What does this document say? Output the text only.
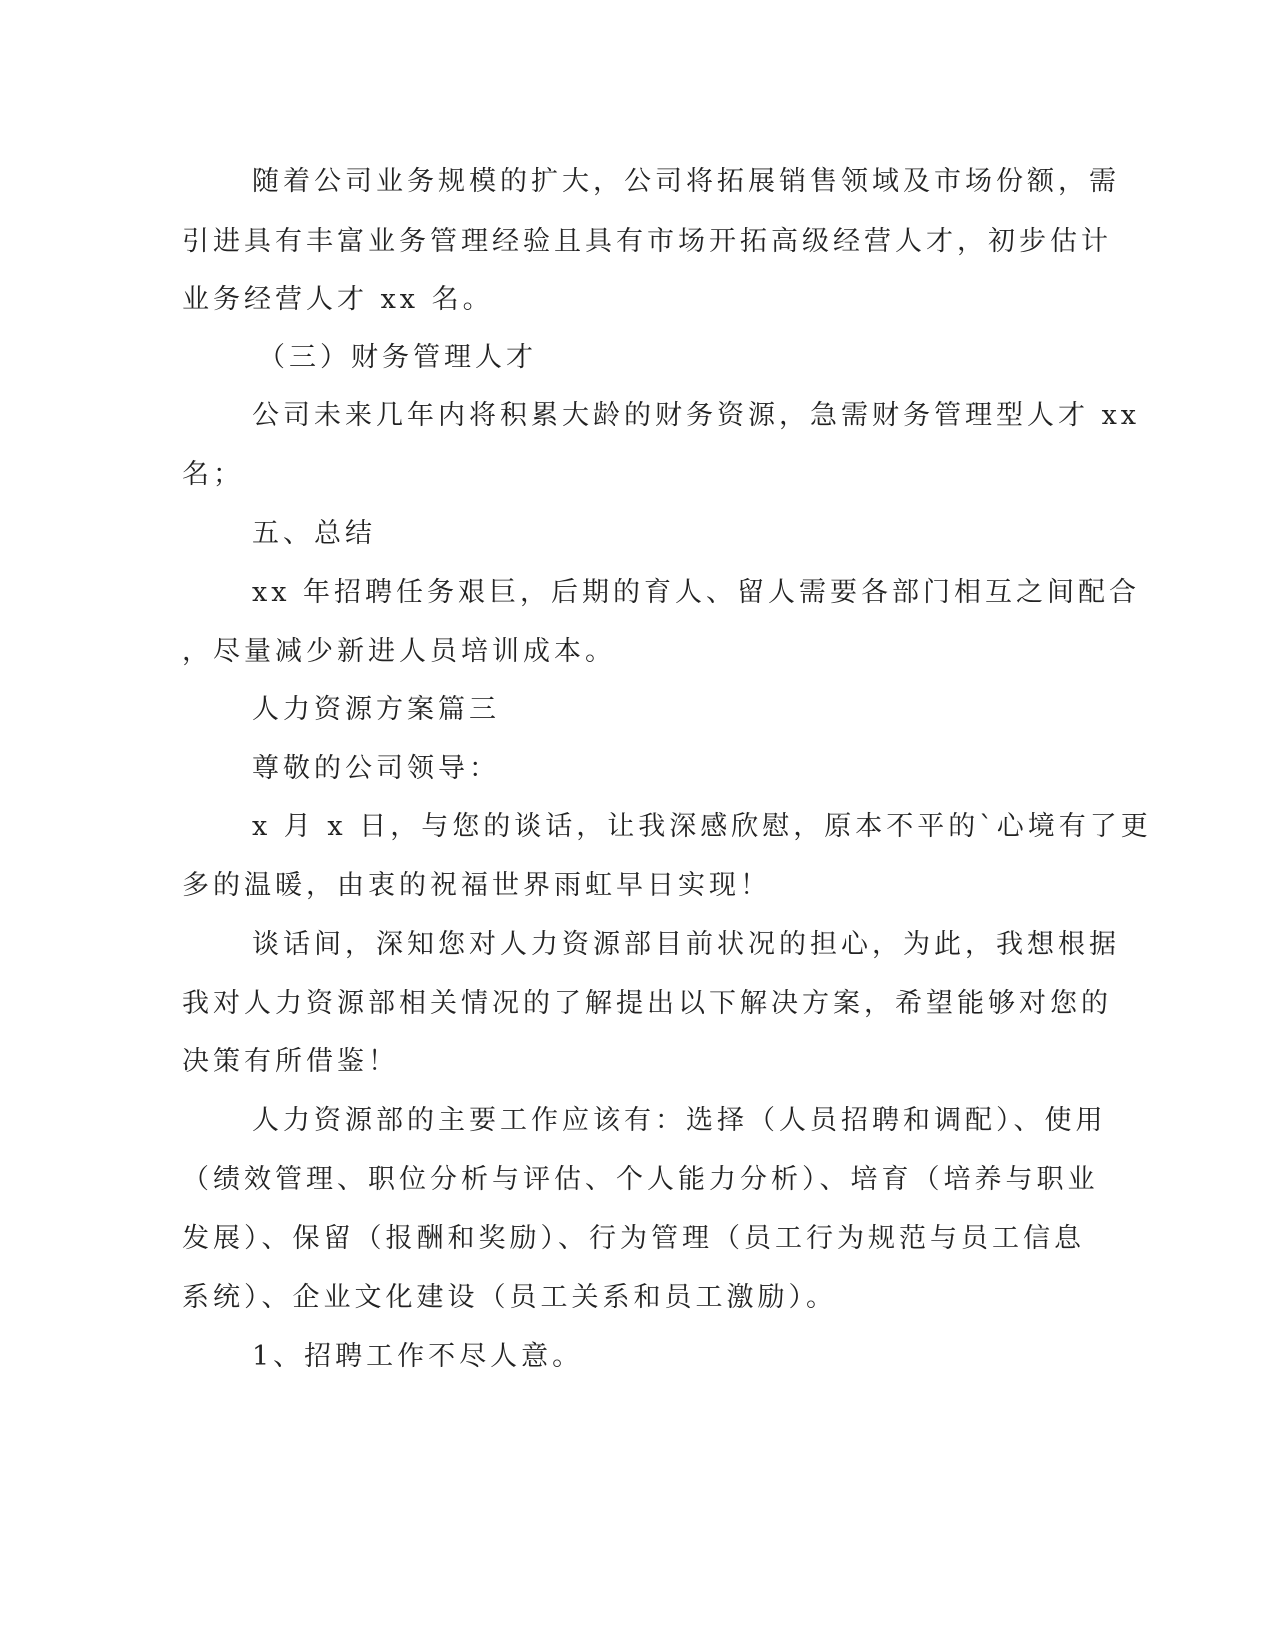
随着公司业务规模的扩大，公司将拓展销售领域及市场份额，需
引进具有丰富业务管理经验且具有市场开拓高级经营人才，初步估计
业务经营人才 xx 名。
（三）财务管理人才
公司未来几年内将积累大龄的财务资源，急需财务管理型人才 xx
名；
五、总结
xx 年招聘任务艰巨，后期的育人、留人需要各部门相互之间配合
，尽量减少新进人员培训成本。
人力资源方案篇三
尊敬的公司领导：
x 月 x 日，与您的谈话，让我深感欣慰，原本不平的`心境有了更
多的温暖，由衷的祝福世界雨虹早日实现！
谈话间，深知您对人力资源部目前状况的担心，为此，我想根据
我对人力资源部相关情况的了解提出以下解决方案，希望能够对您的
决策有所借鉴！
人力资源部的主要工作应该有：选择（人员招聘和调配）、使用
（绩效管理、职位分析与评估、个人能力分析）、培育（培养与职业
发展）、保留（报酬和奖励）、行为管理（员工行为规范与员工信息
系统）、企业文化建设（员工关系和员工激励）。
1、招聘工作不尽人意。
